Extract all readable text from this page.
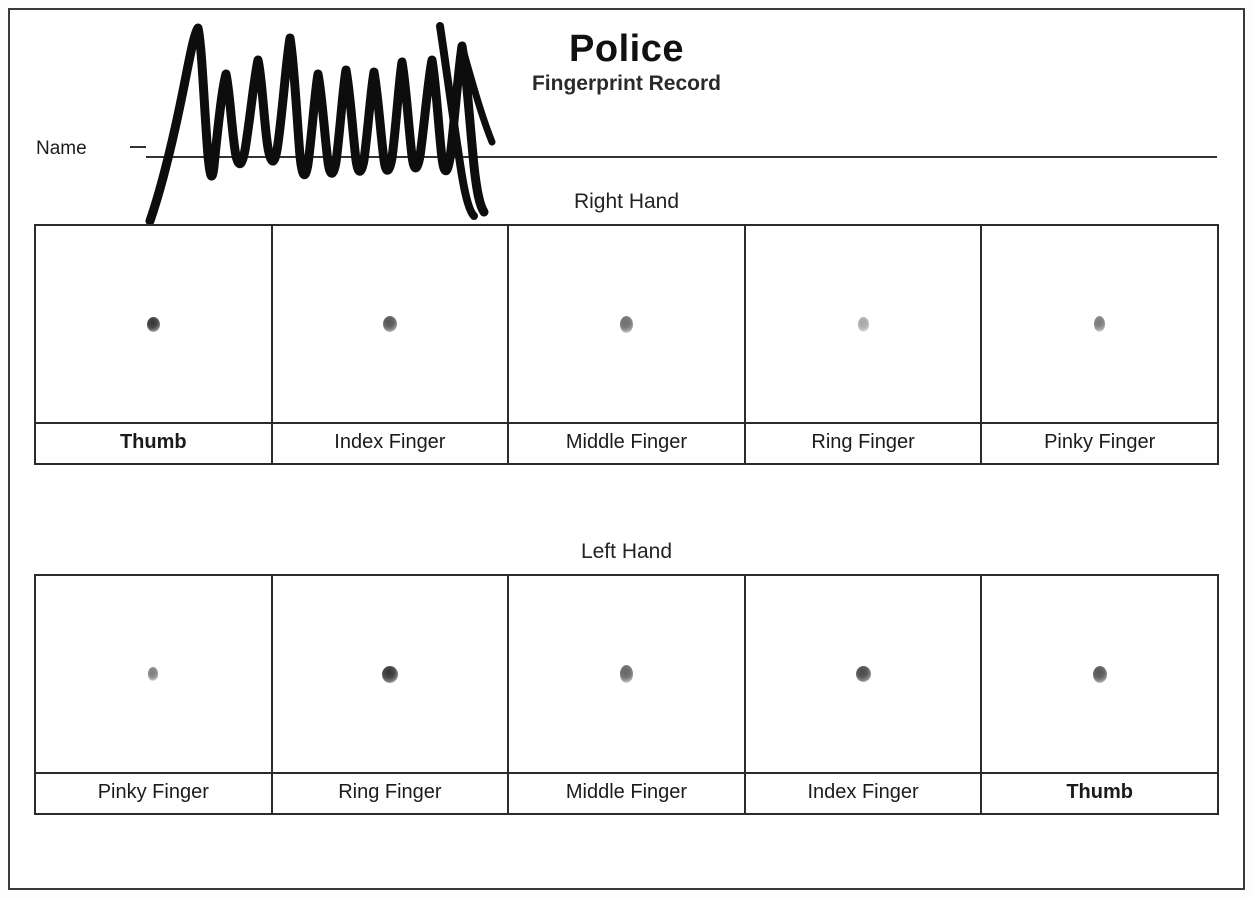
Police
Fingerprint Record
Name
Right Hand
Thumb	Index Finger	Middle Finger	Ring Finger	Pinky Finger
Left Hand
Pinky Finger	Ring Finger	Middle Finger	Index Finger	Thumb
